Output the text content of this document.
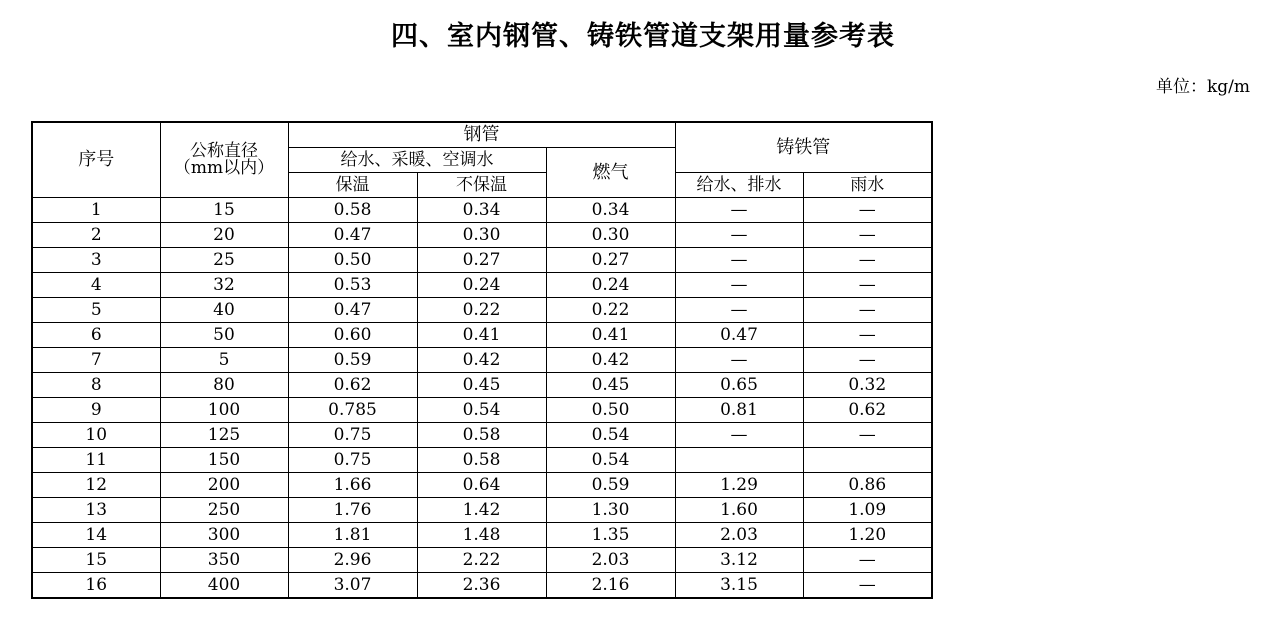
四、室内钢管、铸铁管道支架用量参考表
单位：kg/m
序号	公称直径
（mm以内）	钢管			铸铁管	
		给水、采暖、空调水		燃气		
		保温	不保温		给水、排水	雨水
1	15	0.58	0.34	0.34	—	—
2	20	0.47	0.30	0.30	—	—
3	25	0.50	0.27	0.27	—	—
4	32	0.53	0.24	0.24	—	—
5	40	0.47	0.22	0.22	—	—
6	50	0.60	0.41	0.41	0.47	—
7	5	0.59	0.42	0.42	—	—
8	80	0.62	0.45	0.45	0.65	0.32
9	100	0.785	0.54	0.50	0.81	0.62
10	125	0.75	0.58	0.54	—	—
11	150	0.75	0.58	0.54		
12	200	1.66	0.64	0.59	1.29	0.86
13	250	1.76	1.42	1.30	1.60	1.09
14	300	1.81	1.48	1.35	2.03	1.20
15	350	2.96	2.22	2.03	3.12	—
16	400	3.07	2.36	2.16	3.15	—
